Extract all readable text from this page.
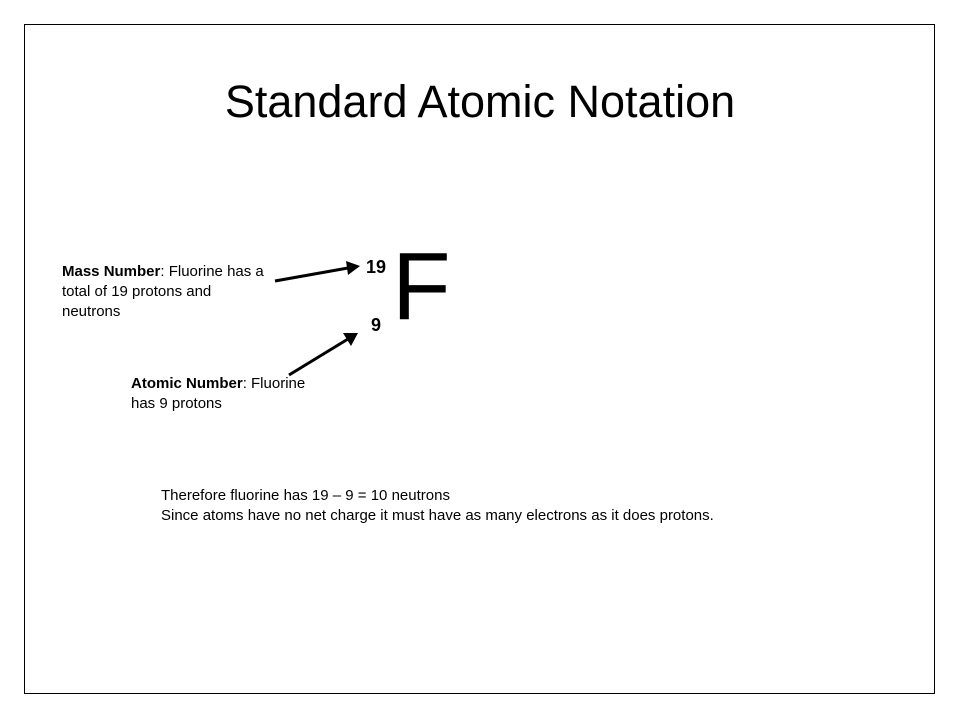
Standard Atomic Notation
19
9 F
Mass Number: Fluorine has a total of 19 protons and neutrons
Atomic Number: Fluorine has 9 protons
Therefore fluorine has 19 – 9 = 10 neutrons
Since atoms have no net charge it must have as many electrons as it does protons.
